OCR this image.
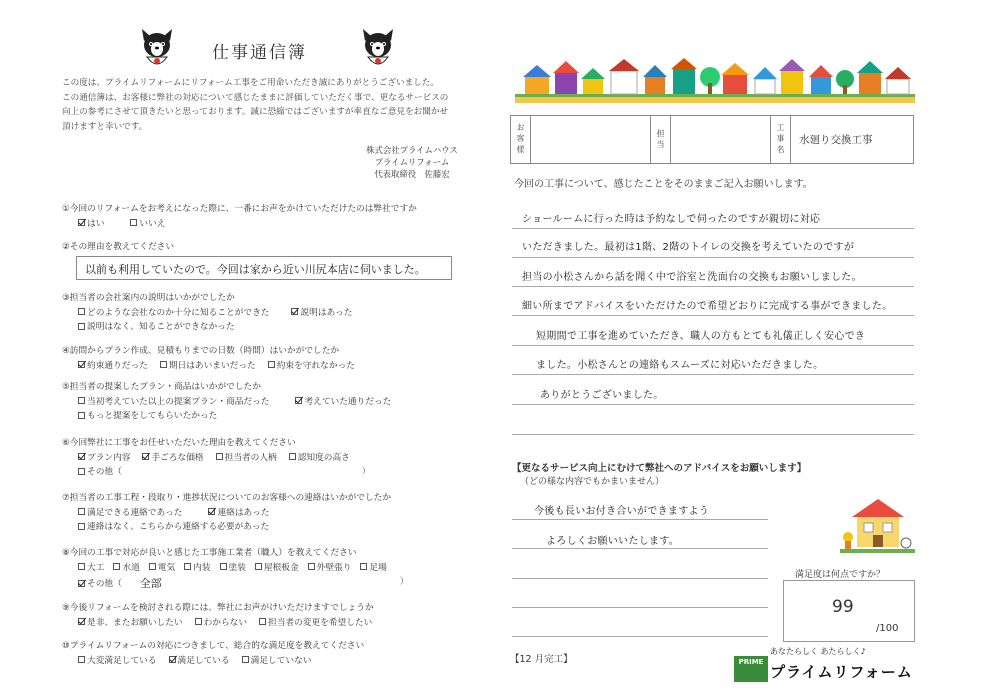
仕事通信簿
この度は、プライムリフォームにリフォーム工事をご用命いただき誠にありがとうございました。
この通信簿は、お客様に弊社の対応について感じたままに評価していただく事で、更なるサービスの
向上の参考にさせて頂きたいと思っております。誠に恐縮ではございますが率直なご意見をお聞かせ
頂けますと幸いです。
株式会社プライムハウス
プライムリフォーム
代表取締役　佐藤宏
①今回のリフォームをお考えになった際に、一番にお声をかけていただけたのは弊社ですか
はい	いいえ
②その理由を教えてください
以前も利用していたので。今回は家から近い川尻本店に伺いました。
③担当者の会社案内の説明はいかがでしたか
どのような会社なのか十分に知ることができた	説明はあった
説明はなく、知ることができなかった
④訪問からプラン作成、見積もりまでの日数（時間）はいかがでしたか
約束通りだった 期日はあいまいだった 約束を守れなかった
⑤担当者の提案したプラン・商品はいかがでしたか
当初考えていた以上の提案プラン・商品だった	考えていた通りだった
もっと提案をしてもらいたかった
⑥今回弊社に工事をお任せいただいた理由を教えてください
プラン内容 手ごろな価格 担当者の人柄 認知度の高さ
その他（	）
⑦担当者の工事工程・段取り・進捗状況についてのお客様への連絡はいかがでしたか
満足できる連絡であった	連絡はあった
連絡はなく、こちらから連絡する必要があった
⑧今回の工事で対応が良いと感じた工事施工業者（職人）を教えてください
大工 水道 電気 内装 塗装 屋根板金 外壁張り 足場
その他（ 全部	）
⑨今後リフォームを検討される際には、弊社にお声がけいただけますでしょうか
是非、またお願いしたい わからない 担当者の変更を希望したい
⑩プライムリフォームの対応につきまして、総合的な満足度を教えてください
大変満足している 満足している 満足していない
お客様	担当	工事名	水廻り交換工事
今回の工事について、感じたことをそのままご記入お願いします。
ショールームに行った時は予約なしで伺ったのですが親切に対応
いただきました。最初は1階、2階のトイレの交換を考えていたのですが
担当の小松さんから話を聞く中で浴室と洗面台の交換もお願いしました。
細い所までアドバイスをいただけたので希望どおりに完成する事ができました。
短期間で工事を進めていただき、職人の方もとても礼儀正しく安心でき
ました。小松さんとの連絡もスムーズに対応いただきました。
ありがとうございました。
【更なるサービス向上にむけて弊社へのアドバイスをお願いします】
（どの様な内容でもかまいません）
今後も長いお付き合いができますよう
よろしくお願いいたします。
満足度は何点ですか？
99
/100
【12 月完工】
あなたらしく あたらしく♪
PRIME
プライムリフォーム
